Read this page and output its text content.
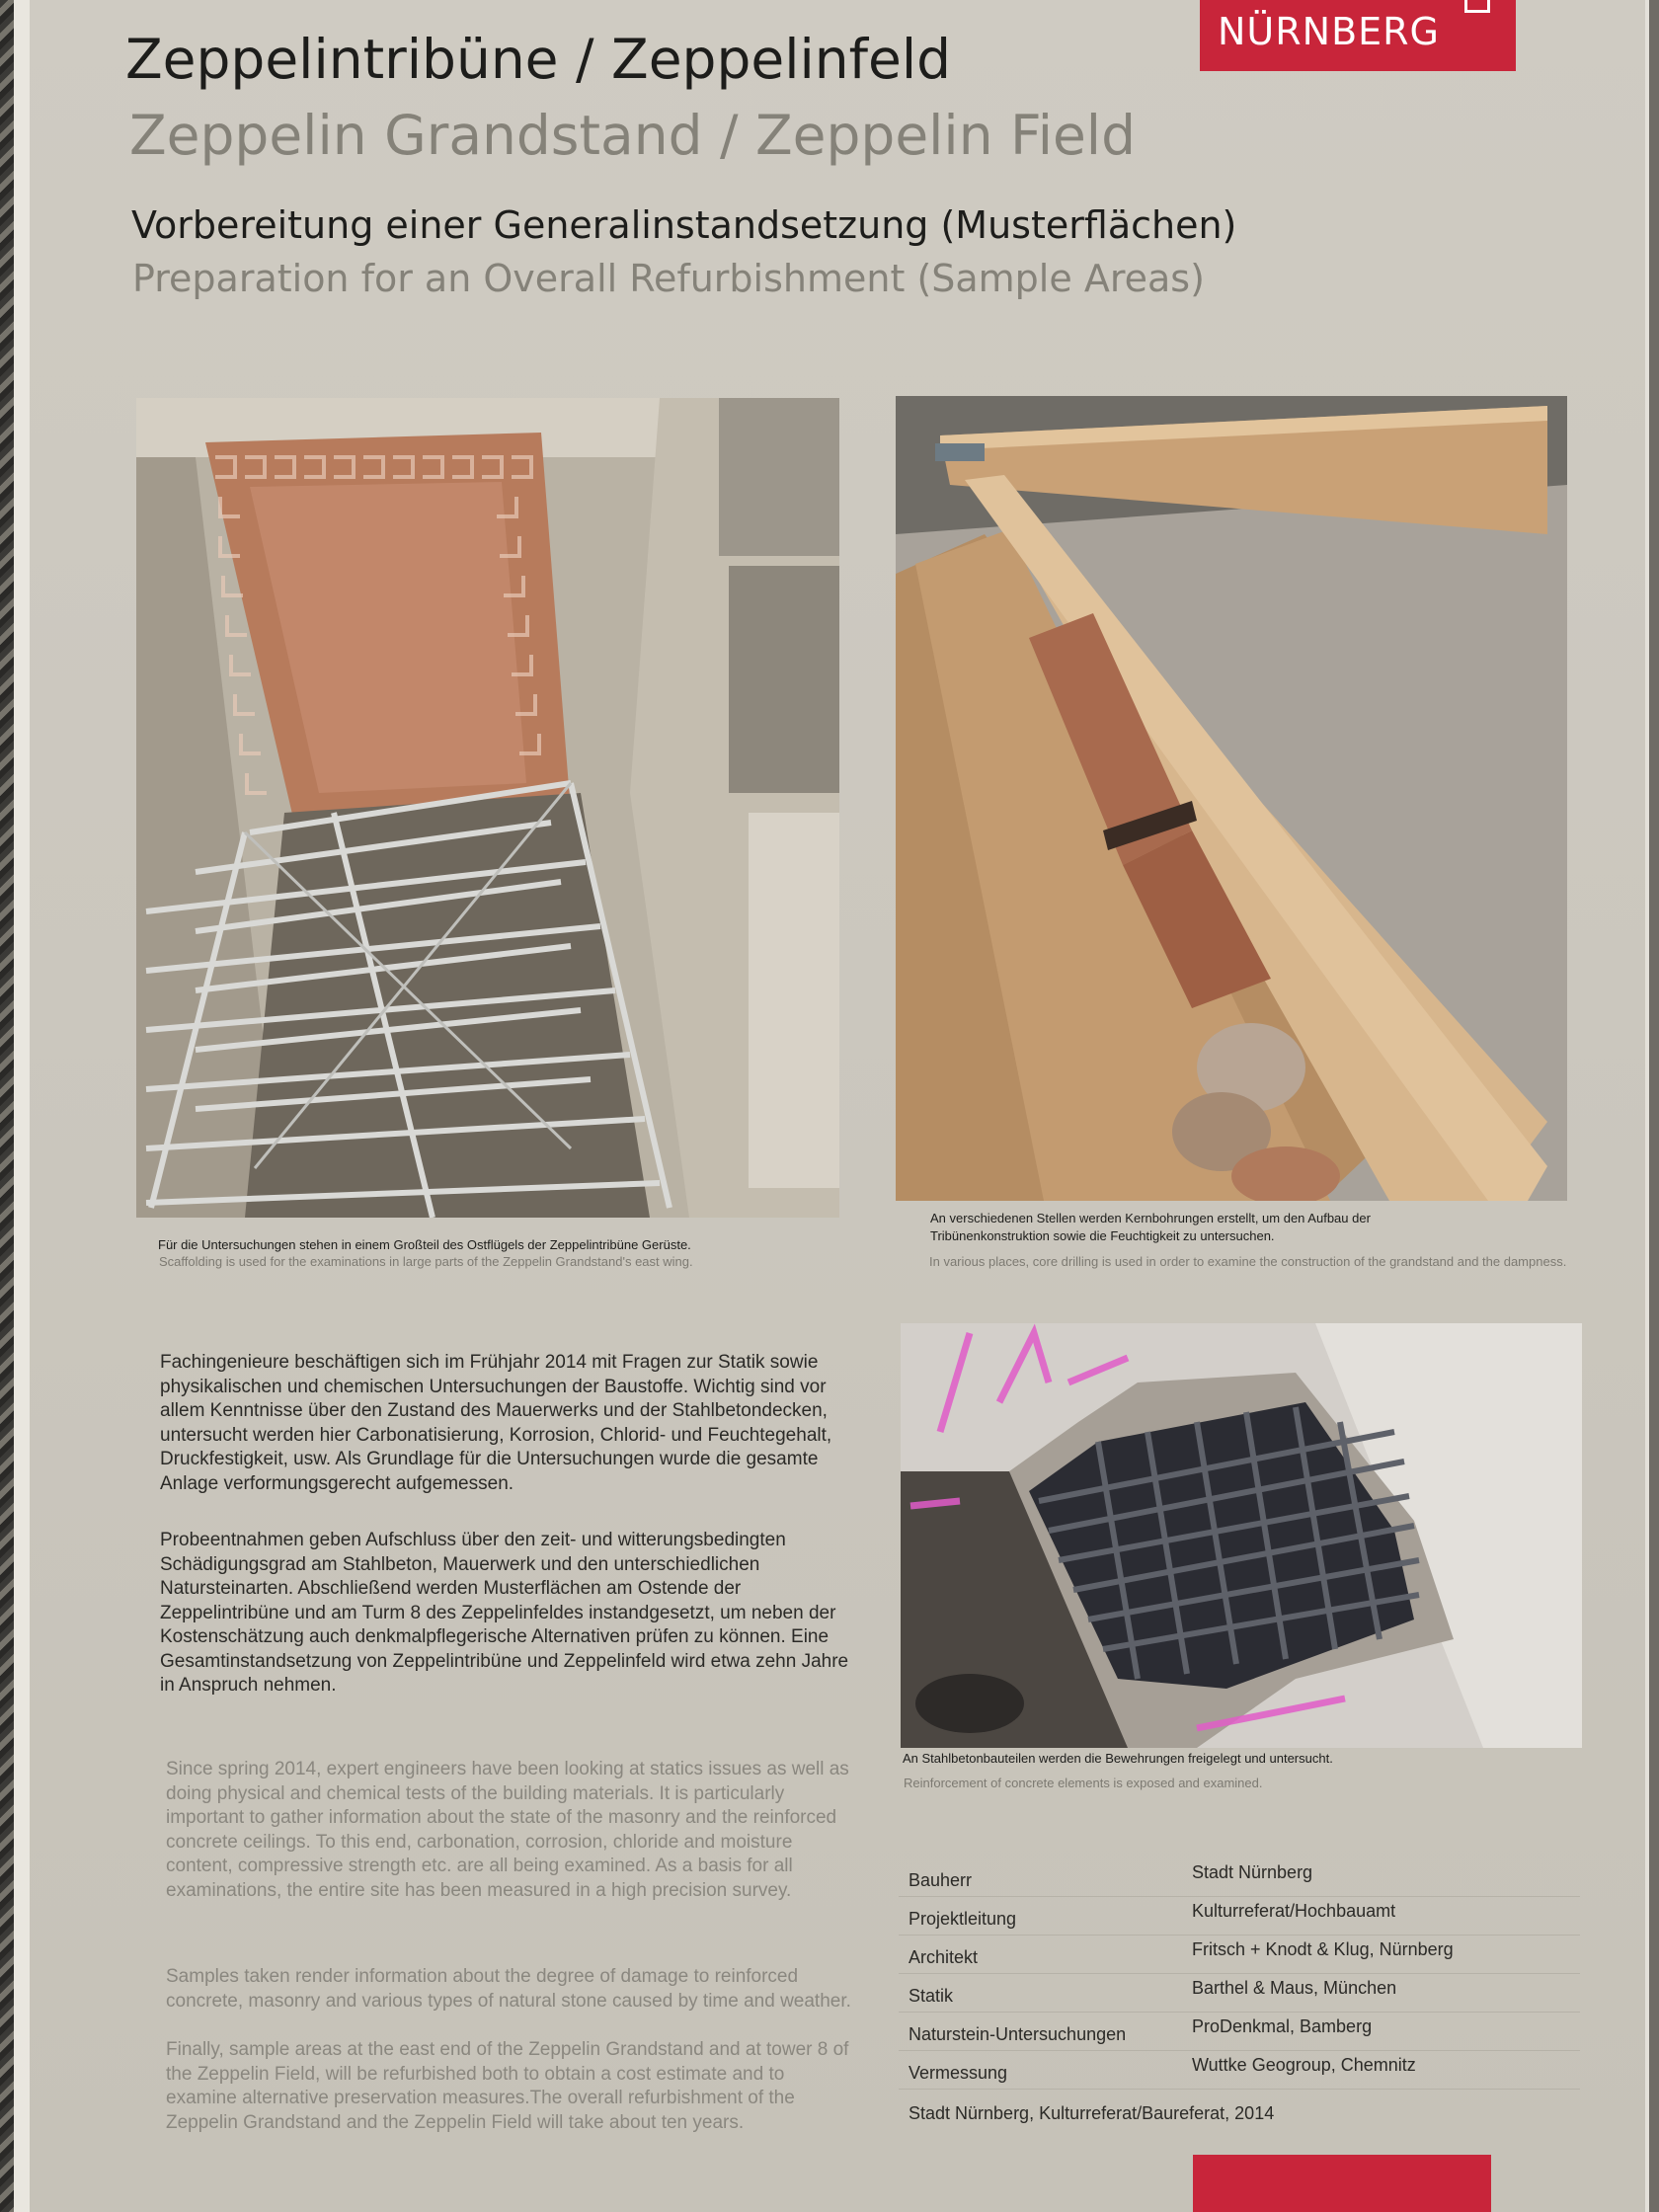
NÜRNBERG
Zeppelintribüne / Zeppelinfeld
Zeppelin Grandstand / Zeppelin Field
Vorbereitung einer Generalinstandsetzung (Musterflächen)
Preparation for an Overall Refurbishment (Sample Areas)
Für die Untersuchungen stehen in einem Großteil des Ostflügels der Zeppelintribüne Gerüste.
Scaffolding is used for the examinations in large parts of the Zeppelin Grandstand's east wing.
An verschiedenen Stellen werden Kernbohrungen erstellt, um den Aufbau der Tribünenkonstruktion sowie die Feuchtigkeit zu untersuchen.
In various places, core drilling is used in order to examine the construction of the grandstand and the dampness.
An Stahlbetonbauteilen werden die Bewehrungen freigelegt und untersucht.
Reinforcement of concrete elements is exposed and examined.

Fachingenieure beschäftigen sich im Frühjahr 2014 mit Fragen zur Statik sowie physikalischen und chemischen Untersuchungen der Baustoffe. Wichtig sind vor allem Kenntnisse über den Zustand des Mauerwerks und der Stahlbetondecken, untersucht werden hier Carbonatisierung, Korrosion, Chlorid- und Feuchtegehalt, Druckfestigkeit, usw. Als Grundlage für die Untersuchungen wurde die gesamte Anlage verformungsgerecht aufgemessen.

Probeentnahmen geben Aufschluss über den zeit- und witterungsbedingten Schädigungsgrad am Stahlbeton, Mauerwerk und den unterschiedlichen Natursteinarten. Abschließend werden Musterflächen am Ostende der Zeppelintribüne und am Turm 8 des Zeppelinfeldes instandgesetzt, um neben der Kostenschätzung auch denkmalpflegerische Alternativen prüfen zu können. Eine Gesamtinstandsetzung von Zeppelintribüne und Zeppelinfeld wird etwa zehn Jahre in Anspruch nehmen.

Since spring 2014, expert engineers have been looking at statics issues as well as doing physical and chemical tests of the building materials. It is particularly important to gather information about the state of the masonry and the reinforced concrete ceilings. To this end, carbonation, corrosion, chloride and moisture content, compressive strength etc. are all being examined. As a basis for all examinations, the entire site has been measured in a high precision survey.

Samples taken render information about the degree of damage to reinforced concrete, masonry and various types of natural stone caused by time and weather.

Finally, sample areas at the east end of the Zeppelin Grandstand and at tower 8 of the Zeppelin Field, will be refurbished both to obtain a cost estimate and to examine alternative preservation measures.The overall refurbishment of the Zeppelin Grandstand and the Zeppelin Field will take about ten years.

Bauherr	Stadt Nürnberg
Projektleitung	Kulturreferat/Hochbauamt
Architekt	Fritsch + Knodt & Klug, Nürnberg
Statik	Barthel & Maus, München
Naturstein-Untersuchungen	ProDenkmal, Bamberg
Vermessung	Wuttke Geogroup, Chemnitz
Stadt Nürnberg, Kulturreferat/Baureferat, 2014
